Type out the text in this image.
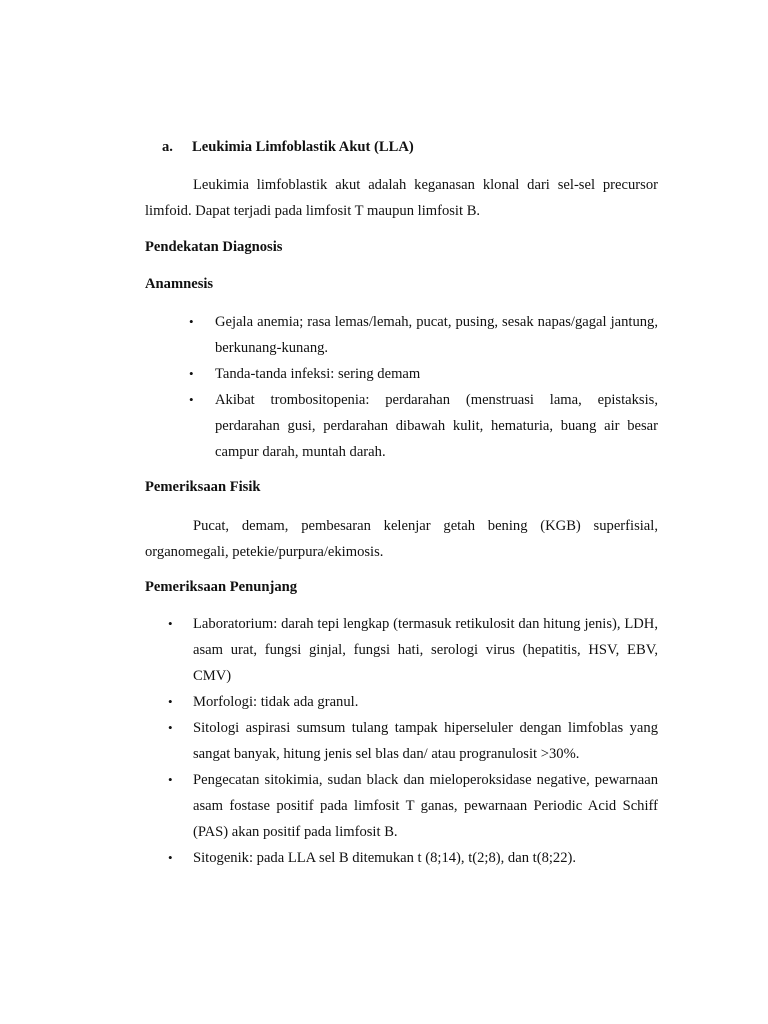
a. Leukimia Limfoblastik Akut (LLA)

Leukimia limfoblastik akut adalah keganasan klonal dari sel-sel precursor limfoid. Dapat terjadi pada limfosit T maupun limfosit B.

Pendekatan Diagnosis

Anamnesis

• Gejala anemia; rasa lemas/lemah, pucat, pusing, sesak napas/gagal jantung, berkunang-kunang.
• Tanda-tanda infeksi: sering demam
• Akibat trombositopenia: perdarahan (menstruasi lama, epistaksis, perdarahan gusi, perdarahan dibawah kulit, hematuria, buang air besar campur darah, muntah darah.

Pemeriksaan Fisik

Pucat, demam, pembesaran kelenjar getah bening (KGB) superfisial, organomegali, petekie/purpura/ekimosis.

Pemeriksaan Penunjang

• Laboratorium: darah tepi lengkap (termasuk retikulosit dan hitung jenis), LDH, asam urat, fungsi ginjal, fungsi hati, serologi virus (hepatitis, HSV, EBV, CMV)
• Morfologi: tidak ada granul.
• Sitologi aspirasi sumsum tulang tampak hiperseluler dengan limfoblas yang sangat banyak, hitung jenis sel blas dan/ atau progranulosit >30%.
• Pengecatan sitokimia, sudan black dan mieloperoksidase negative, pewarnaan asam fostase positif pada limfosit T ganas, pewarnaan Periodic Acid Schiff (PAS) akan positif pada limfosit B.
• Sitogenik: pada LLA sel B ditemukan t (8;14), t(2;8), dan t(8;22).
